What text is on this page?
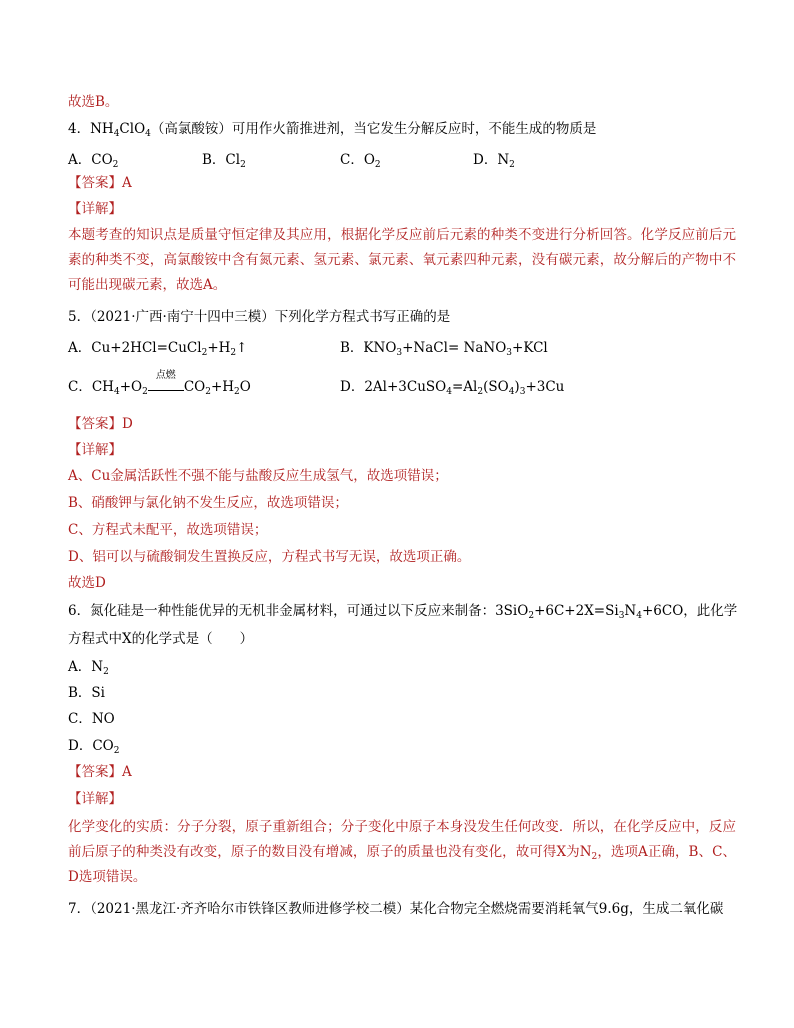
故选B。
4．$NH_4ClO_4$（高氯酸铵）可用作火箭推进剂，当它发生分解反应时，不能生成的物质是
A．$CO_2$	B．$Cl_2$	C．$O_2$	D．$N_2$
【答案】A
【详解】
本题考查的知识点是质量守恒定律及其应用，根据化学反应前后元素的种类不变进行分析回答。化学反应前后元素的种类不变，高氯酸铵中含有氮元素、氢元素、氯元素、氧元素四种元素，没有碳元素，故分解后的产物中不可能出现碳元素，故选A。
5．（2021·广西·南宁十四中三模）下列化学方程式书写正确的是
A．$Cu+2HCl=CuCl_2+H_2↑$	B．$KNO_3+NaCl=$ NaNO$_3$+KCl
C．$CH_4+O_2$
点燃
$CO_2+H_2O$	D．$2Al+3CuSO_4=Al_2(SO_4)_3+3Cu$
【答案】D
【详解】
A、Cu金属活跃性不强不能与盐酸反应生成氢气，故选项错误；
B、硝酸钾与氯化钠不发生反应，故选项错误；
C、方程式未配平，故选项错误；
D、铝可以与硫酸铜发生置换反应，方程式书写无误，故选项正确。
故选D
6．氮化硅是一种性能优异的无机非金属材料，可通过以下反应来制备：$3SiO_2+6C+2X=Si_3N_4+6CO$，此化学
方程式中X的化学式是（　　）
A．$N_2$
B．Si
C．NO
D．$CO_2$
【答案】A
【详解】
化学变化的实质：分子分裂，原子重新组合；分子变化中原子本身没发生任何改变．所以，在化学反应中，反应前后原子的种类没有改变，原子的数目没有增减，原子的质量也没有变化，故可得X为$N_2$，选项A正确，B、C、D选项错误。
7．（2021·黑龙江·齐齐哈尔市铁锋区教师进修学校二模）某化合物完全燃烧需要消耗氧气9.6g，生成二氧化碳
